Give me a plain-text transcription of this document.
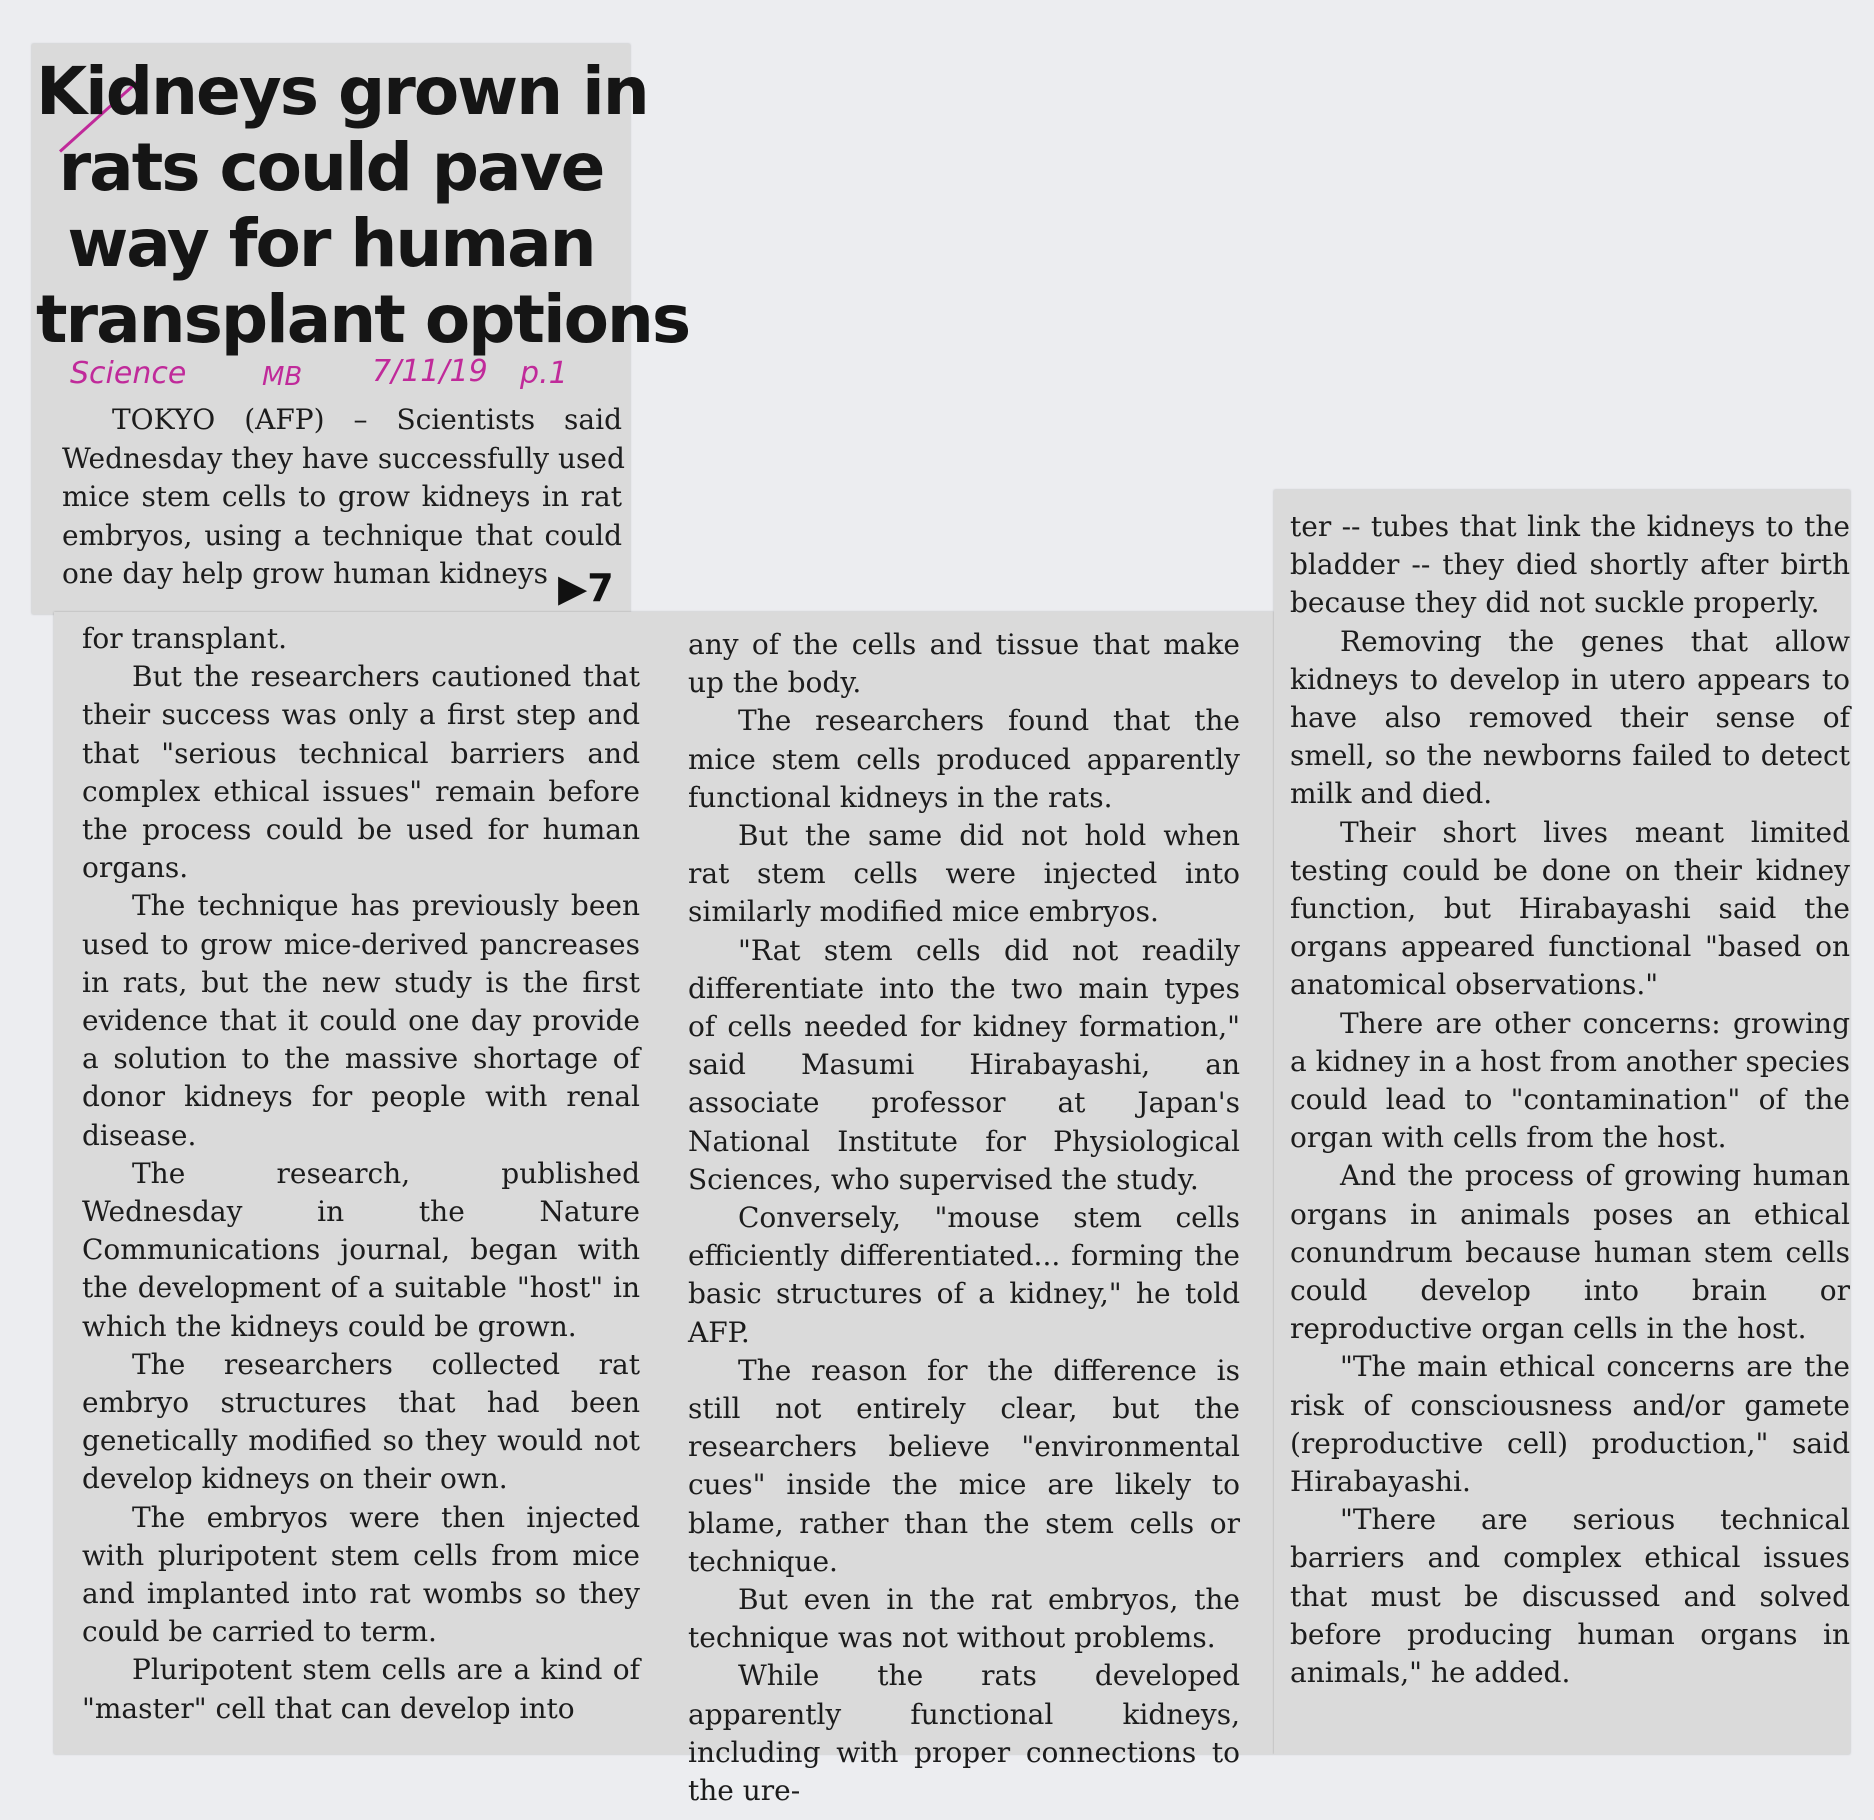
Kidneys grown in
rats could pave
way for human
transplant options
Science	MB 7/11/19 p.1
TOKYO (AFP) – Scientists said
Wednesday they have successfully used
mice stem cells to grow kidneys in rat
embryos, using a technique that could
one day help grow human kidneys ▶7

for transplant.

But the researchers cautioned that their success was only a first step and that "serious technical barriers and complex ethical issues" remain before the process could be used for human organs.

The technique has previously been used to grow mice-derived pancreases in rats, but the new study is the first evidence that it could one day provide a solution to the massive shortage of donor kidneys for people with renal disease.

The research, published Wednesday in the Nature Communications journal, began with the development of a suitable "host" in which the kidneys could be grown.

The researchers collected rat embryo structures that had been genetically modified so they would not develop kidneys on their own.

The embryos were then injected with pluripotent stem cells from mice and implanted into rat wombs so they could be carried to term.

Pluripotent stem cells are a kind of "master" cell that can develop into

any of the cells and tissue that make up the body.

The researchers found that the mice stem cells produced apparently functional kidneys in the rats.

But the same did not hold when rat stem cells were injected into similarly modified mice embryos.

"Rat stem cells did not readily differentiate into the two main types of cells needed for kidney formation," said Masumi Hirabayashi, an associate professor at Japan's National Institute for Physiological Sciences, who supervised the study.

Conversely, "mouse stem cells efficiently differentiated... forming the basic structures of a kidney," he told AFP.

The reason for the difference is still not entirely clear, but the researchers believe "environmental cues" inside the mice are likely to blame, rather than the stem cells or technique.

But even in the rat embryos, the technique was not without problems.

While the rats developed apparently functional kidneys, including with proper connections to the ure-

ter -- tubes that link the kidneys to the bladder -- they died shortly after birth because they did not suckle properly.

Removing the genes that allow kidneys to develop in utero appears to have also removed their sense of smell, so the newborns failed to detect milk and died.

Their short lives meant limited testing could be done on their kidney function, but Hirabayashi said the organs appeared functional "based on anatomical observations."

There are other concerns: growing a kidney in a host from another species could lead to "contamination" of the organ with cells from the host.

And the process of growing human organs in animals poses an ethical conundrum because human stem cells could develop into brain or reproductive organ cells in the host.

"The main ethical concerns are the risk of consciousness and/or gamete (reproductive cell) production," said Hirabayashi.

"There are serious technical barriers and complex ethical issues that must be discussed and solved before producing human organs in animals," he added.
